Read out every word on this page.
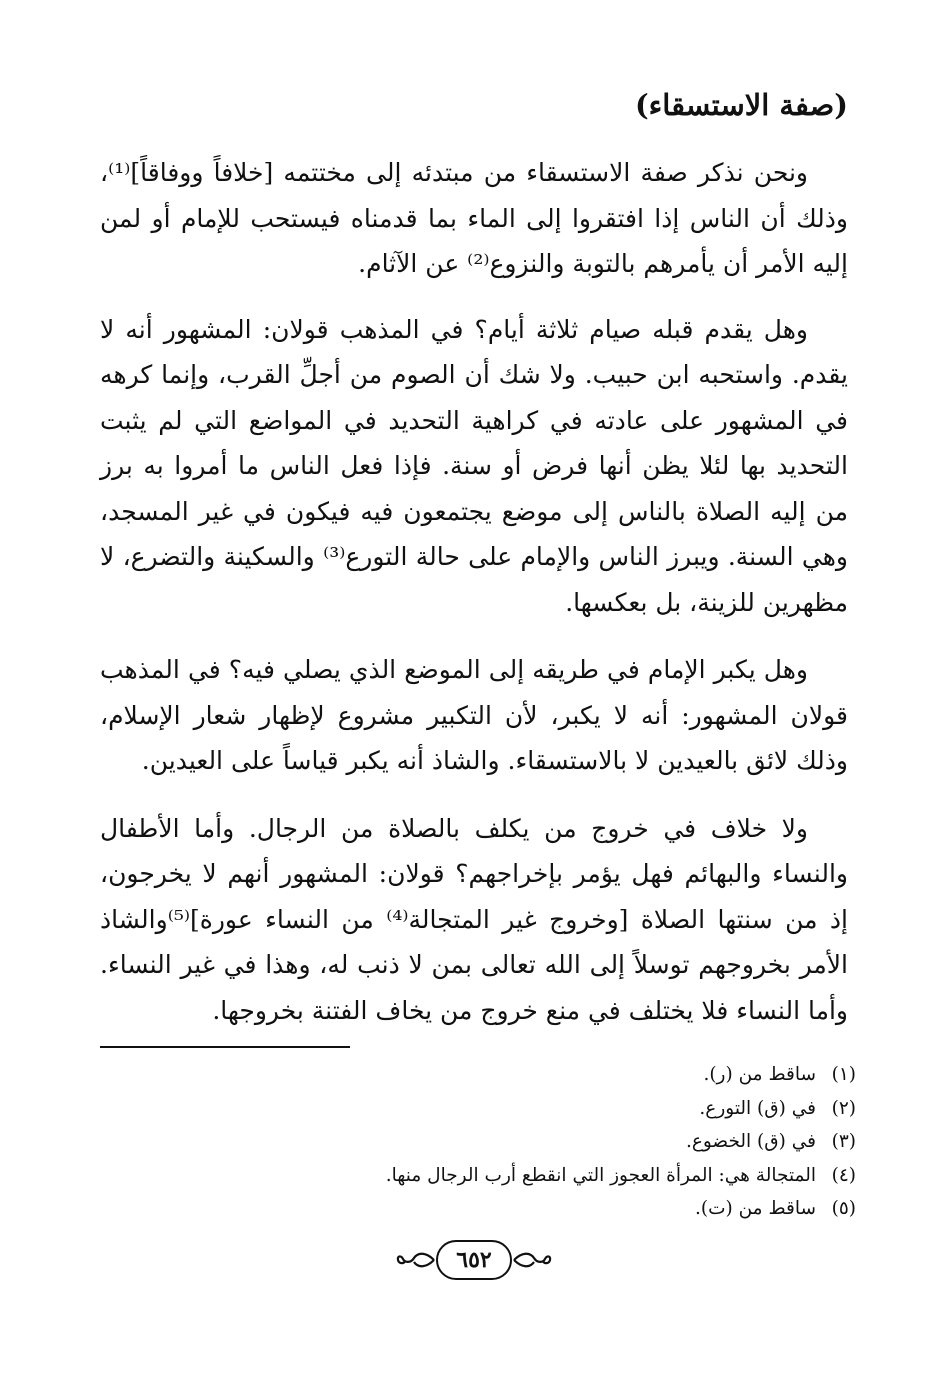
(صفة الاستسقاء)

ونحن نذكر صفة الاستسقاء من مبتدئه إلى مختتمه [خلافاً ووفاقاً]⁽¹⁾، وذلك أن الناس إذا افتقروا إلى الماء بما قدمناه فيستحب للإمام أو لمن إليه الأمر أن يأمرهم بالتوبة والنزوع⁽²⁾ عن الآثام.

وهل يقدم قبله صيام ثلاثة أيام؟ في المذهب قولان: المشهور أنه لا يقدم. واستحبه ابن حبيب. ولا شك أن الصوم من أجلِّ القرب، وإنما كرهه في المشهور على عادته في كراهية التحديد في المواضع التي لم يثبت التحديد بها لئلا يظن أنها فرض أو سنة. فإذا فعل الناس ما أمروا به برز من إليه الصلاة بالناس إلى موضع يجتمعون فيه فيكون في غير المسجد، وهي السنة. ويبرز الناس والإمام على حالة التورع⁽³⁾ والسكينة والتضرع، لا مظهرين للزينة، بل بعكسها.

وهل يكبر الإمام في طريقه إلى الموضع الذي يصلي فيه؟ في المذهب قولان المشهور: أنه لا يكبر، لأن التكبير مشروع لإظهار شعار الإسلام، وذلك لائق بالعيدين لا بالاستسقاء. والشاذ أنه يكبر قياساً على العيدين.

ولا خلاف في خروج من يكلف بالصلاة من الرجال. وأما الأطفال والنساء والبهائم فهل يؤمر بإخراجهم؟ قولان: المشهور أنهم لا يخرجون، إذ من سنتها الصلاة [وخروج غير المتجالة⁽⁴⁾ من النساء عورة]⁽⁵⁾والشاذ الأمر بخروجهم توسلاً إلى الله تعالى بمن لا ذنب له، وهذا في غير النساء. وأما النساء فلا يختلف في منع خروج من يخاف الفتنة بخروجها.

(١)ساقط من (ر).
(٢)في (ق) التورع.
(٣)في (ق) الخضوع.
(٤)المتجالة هي: المرأة العجوز التي انقطع أرب الرجال منها.
(٥)ساقط من (ت).
٦٥٢
